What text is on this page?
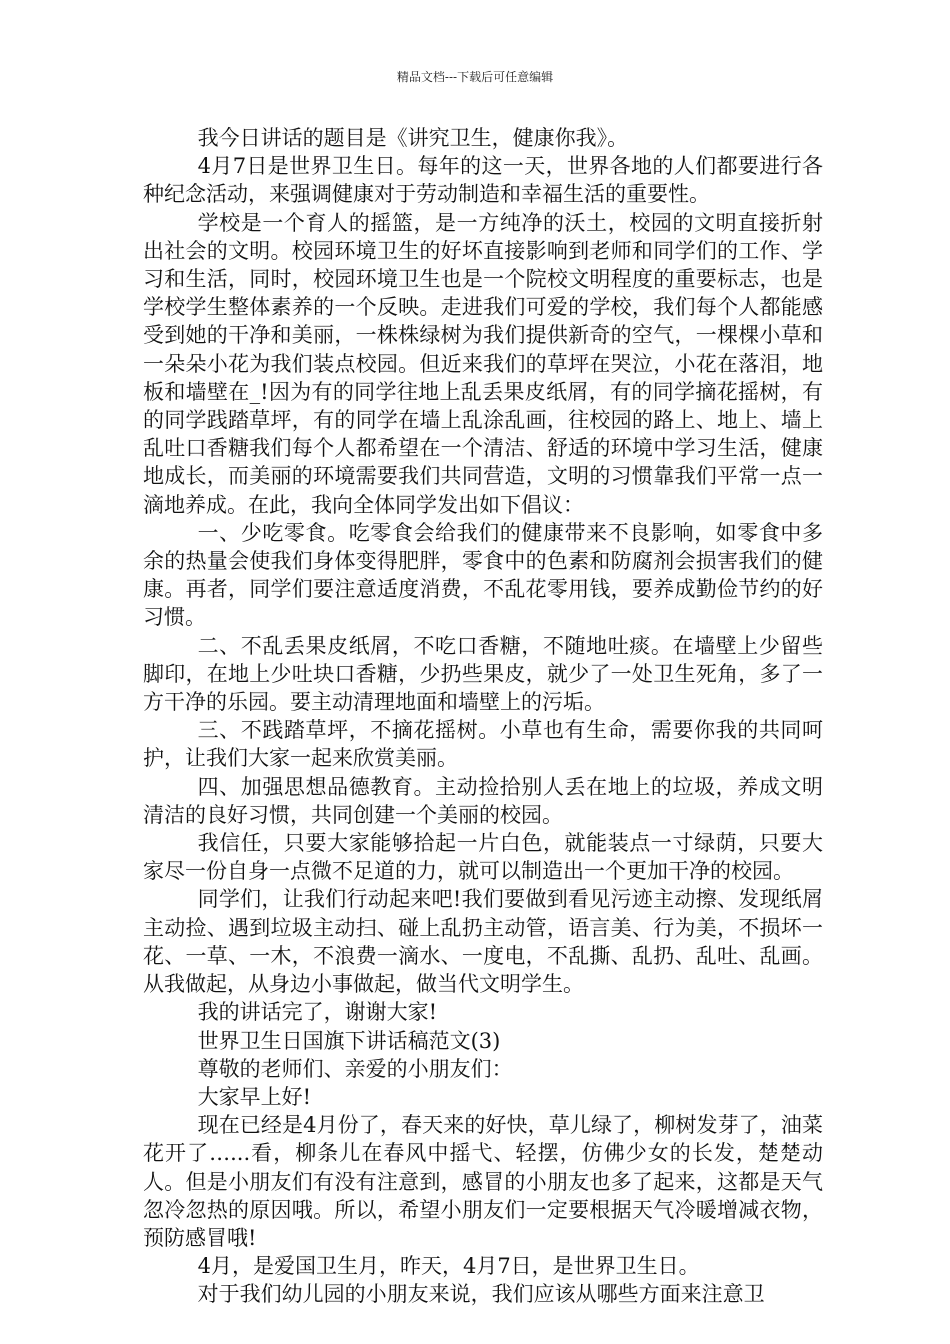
精品文档---下载后可任意编辑

我今日讲话的题目是《讲究卫生，健康你我》。

4月7日是世界卫生日。每年的这一天，世界各地的人们都要进行各种纪念活动，来强调健康对于劳动制造和幸福生活的重要性。

学校是一个育人的摇篮，是一方纯净的沃土，校园的文明直接折射出社会的文明。校园环境卫生的好坏直接影响到老师和同学们的工作、学习和生活，同时，校园环境卫生也是一个院校文明程度的重要标志，也是学校学生整体素养的一个反映。走进我们可爱的学校，我们每个人都能感受到她的干净和美丽，一株株绿树为我们提供新奇的空气，一棵棵小草和一朵朵小花为我们装点校园。但近来我们的草坪在哭泣，小花在落泪，地板和墙壁在_!因为有的同学往地上乱丢果皮纸屑，有的同学摘花摇树，有的同学践踏草坪，有的同学在墙上乱涂乱画，往校园的路上、地上、墙上乱吐口香糖我们每个人都希望在一个清洁、舒适的环境中学习生活，健康地成长，而美丽的环境需要我们共同营造，文明的习惯靠我们平常一点一滴地养成。在此，我向全体同学发出如下倡议：

一、少吃零食。吃零食会给我们的健康带来不良影响，如零食中多余的热量会使我们身体变得肥胖，零食中的色素和防腐剂会损害我们的健康。再者，同学们要注意适度消费，不乱花零用钱，要养成勤俭节约的好习惯。

二、不乱丢果皮纸屑，不吃口香糖，不随地吐痰。在墙壁上少留些脚印，在地上少吐块口香糖，少扔些果皮，就少了一处卫生死角，多了一方干净的乐园。要主动清理地面和墙壁上的污垢。

三、不践踏草坪，不摘花摇树。小草也有生命，需要你我的共同呵护，让我们大家一起来欣赏美丽。

四、加强思想品德教育。主动捡拾别人丢在地上的垃圾，养成文明清洁的良好习惯，共同创建一个美丽的校园。

我信任，只要大家能够拾起一片白色，就能装点一寸绿荫，只要大家尽一份自身一点微不足道的力，就可以制造出一个更加干净的校园。

同学们，让我们行动起来吧!我们要做到看见污迹主动擦、发现纸屑主动捡、遇到垃圾主动扫、碰上乱扔主动管，语言美、行为美，不损坏一花、一草、一木，不浪费一滴水、一度电，不乱撕、乱扔、乱吐、乱画。从我做起，从身边小事做起，做当代文明学生。

我的讲话完了，谢谢大家!

世界卫生日国旗下讲话稿范文(3)

尊敬的老师们、亲爱的小朋友们：

大家早上好!

现在已经是4月份了，春天来的好快，草儿绿了，柳树发芽了，油菜花开了…...看，柳条儿在春风中摇弋、轻摆，仿佛少女的长发，楚楚动人。但是小朋友们有没有注意到，感冒的小朋友也多了起来，这都是天气忽冷忽热的原因哦。所以，希望小朋友们一定要根据天气冷暖增减衣物，预防感冒哦!

4月，是爱国卫生月，昨天，4月7日，是世界卫生日。

对于我们幼儿园的小朋友来说，我们应该从哪些方面来注意卫
